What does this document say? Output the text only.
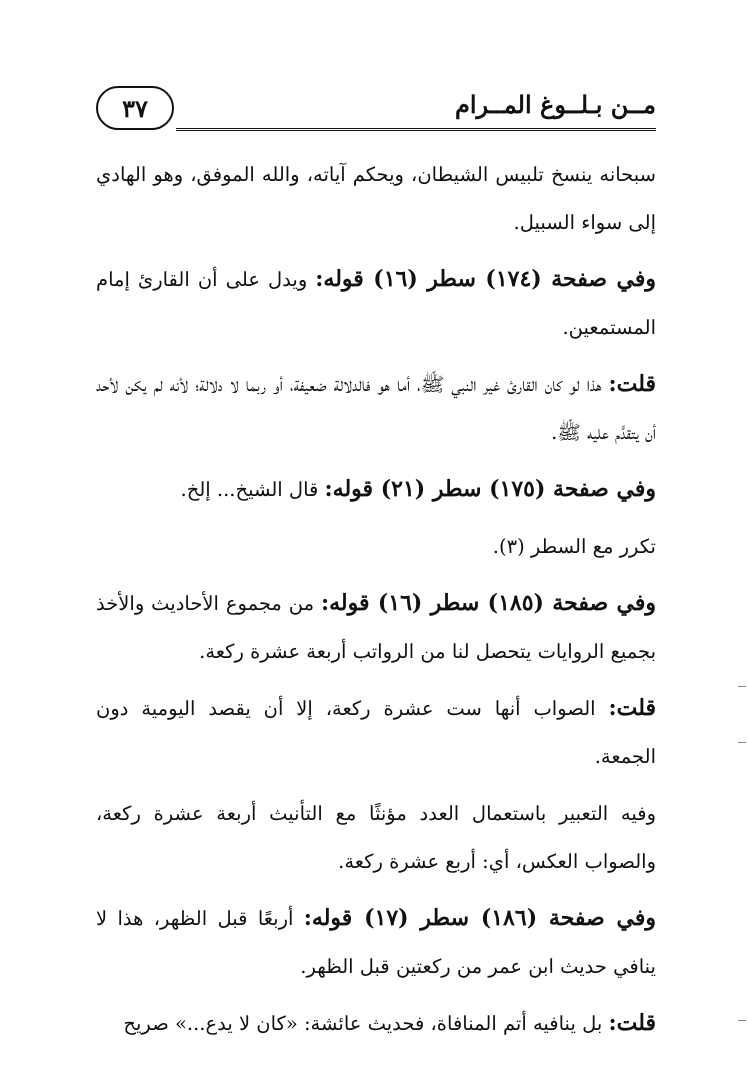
٣٧	مــن بـلــوغ المــرام

سبحانه ينسخ تلبيس الشيطان، ويحكم آياته، والله الموفق، وهو الهادي إلى سواء السبيل.

وفي صفحة (١٧٤) سطر (١٦) قوله: ويدل على أن القارئ إمام المستمعين.

قلت: هذا لو كان القارئ غير النبي ﷺ، أما هو فالدلالة ضعيفة، أو ربما لا دلالة؛ لأنه لم يكن لأحد أن يتقدَّم عليه ﷺ.

وفي صفحة (١٧٥) سطر (٢١) قوله: قال الشيخ... إلخ.

تكرر مع السطر (٣).

وفي صفحة (١٨٥) سطر (١٦) قوله: من مجموع الأحاديث والأخذ بجميع الروايات يتحصل لنا من الرواتب أربعة عشرة ركعة.

قلت: الصواب أنها ست عشرة ركعة، إلا أن يقصد اليومية دون الجمعة.

وفيه التعبير باستعمال العدد مؤنثًا مع التأنيث أربعة عشرة ركعة، والصواب العكس، أي: أربع عشرة ركعة.

وفي صفحة (١٨٦) سطر (١٧) قوله: أربعًا قبل الظهر، هذا لا ينافي حديث ابن عمر من ركعتين قبل الظهر.

قلت: بل ينافيه أتم المنافاة، فحديث عائشة: «كان لا يدع...» صريح
